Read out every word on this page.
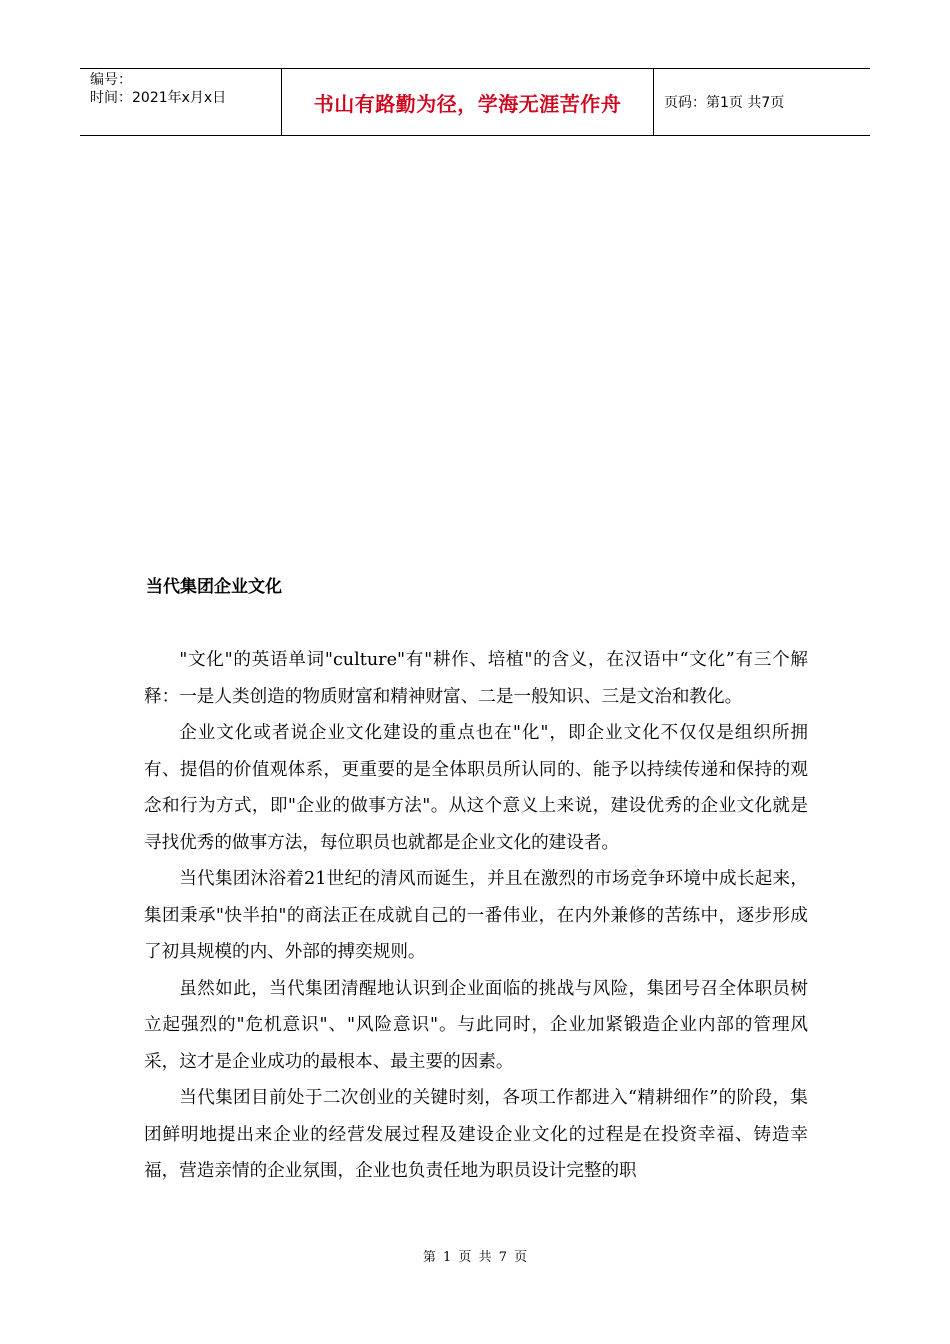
编号：
时间：2021年x月x日	书山有路勤为径，学海无涯苦作舟	页码：第1页 共7页
当代集团企业文化

"文化"的英语单词"culture"有"耕作、培植"的含义，在汉语中“文化”有三个解释：一是人类创造的物质财富和精神财富、二是一般知识、三是文治和教化。

企业文化或者说企业文化建设的重点也在"化"，即企业文化不仅仅是组织所拥有、提倡的价值观体系，更重要的是全体职员所认同的、能予以持续传递和保持的观念和行为方式，即"企业的做事方法"。从这个意义上来说，建设优秀的企业文化就是寻找优秀的做事方法，每位职员也就都是企业文化的建设者。

当代集团沐浴着21世纪的清风而诞生，并且在激烈的市场竞争环境中成长起来，集团秉承"快半拍"的商法正在成就自己的一番伟业，在内外兼修的苦练中，逐步形成了初具规模的内、外部的搏奕规则。

虽然如此，当代集团清醒地认识到企业面临的挑战与风险，集团号召全体职员树立起强烈的"危机意识"、"风险意识"。与此同时，企业加紧锻造企业内部的管理风采，这才是企业成功的最根本、最主要的因素。

当代集团目前处于二次创业的关键时刻，各项工作都进入“精耕细作”的阶段，集团鲜明地提出来企业的经营发展过程及建设企业文化的过程是在投资幸福、铸造幸福，营造亲情的企业氛围，企业也负责任地为职员设计完整的职

第 1 页 共 7 页
